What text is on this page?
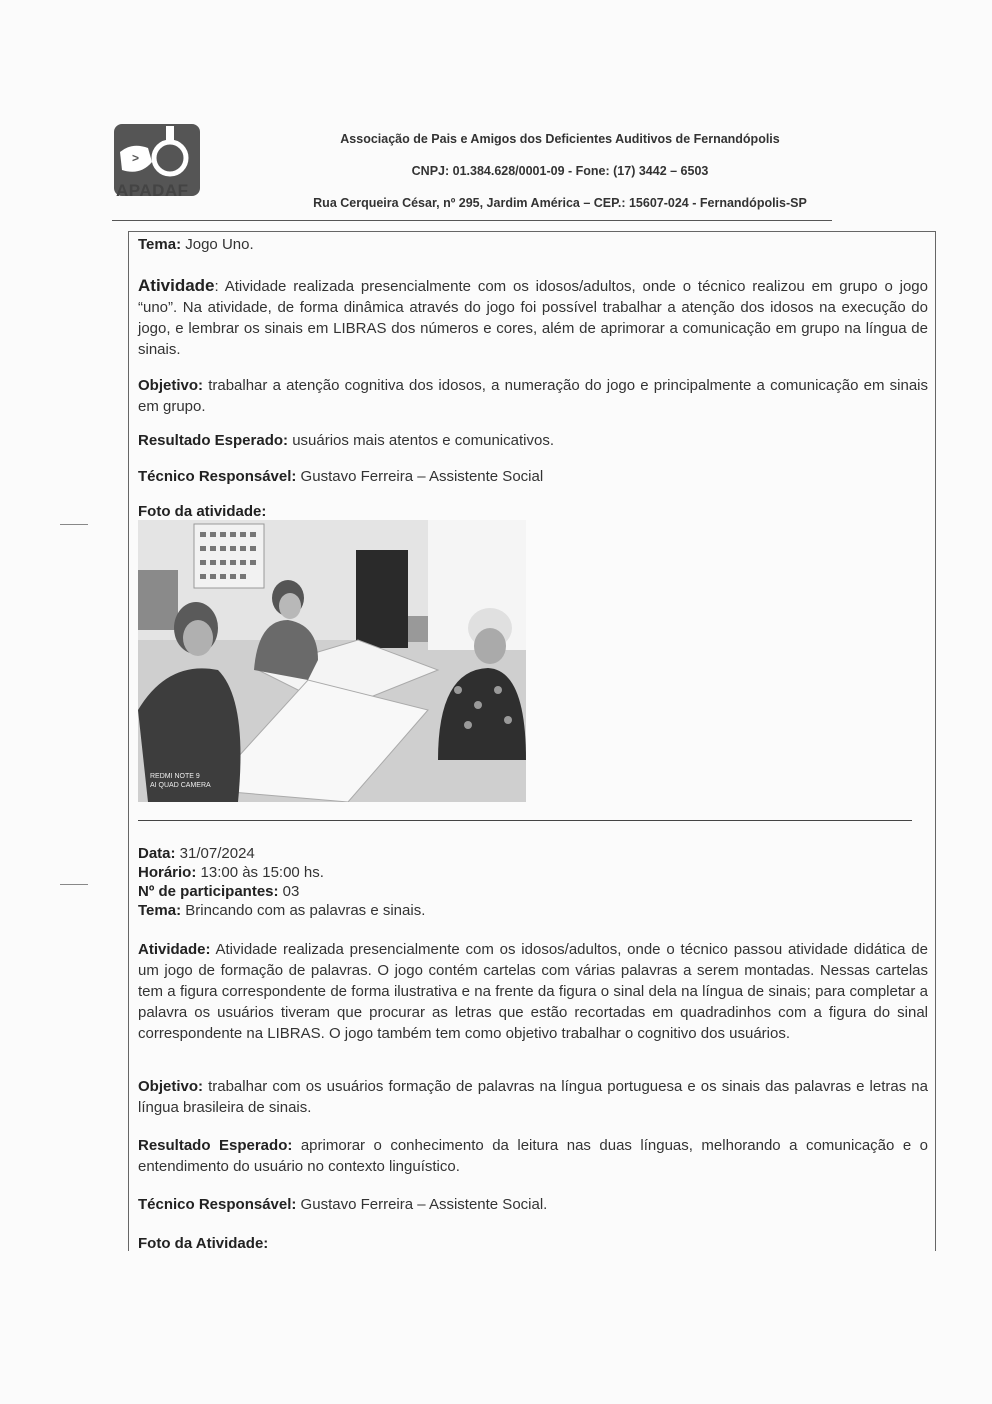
>
APADAF
Associação de Pais e Amigos dos Deficientes Auditivos de Fernandópolis
CNPJ: 01.384.628/0001-09 - Fone: (17) 3442 – 6503
Rua Cerqueira César, nº 295, Jardim América – CEP.: 15607-024 - Fernandópolis-SP
Tema: Jogo Uno.
Atividade: Atividade realizada presencialmente com os idosos/adultos, onde o técnico realizou em grupo o jogo “uno”. Na atividade, de forma dinâmica através do jogo foi possível trabalhar a atenção dos idosos na execução do jogo, e lembrar os sinais em LIBRAS dos números e cores, além de aprimorar a comunicação em grupo na língua de sinais.
Objetivo: trabalhar a atenção cognitiva dos idosos, a numeração do jogo e principalmente a comunicação em sinais em grupo.
Resultado Esperado: usuários mais atentos e comunicativos.
Técnico Responsável: Gustavo Ferreira – Assistente Social
Foto da atividade:
REDMI NOTE 9
AI QUAD CAMERA
Data: 31/07/2024
Horário: 13:00 às 15:00 hs.
Nº de participantes: 03
Tema: Brincando com as palavras e sinais.
Atividade: Atividade realizada presencialmente com os idosos/adultos, onde o técnico passou atividade didática de um jogo de formação de palavras. O jogo contém cartelas com várias palavras a serem montadas. Nessas cartelas tem a figura correspondente de forma ilustrativa e na frente da figura o sinal dela na língua de sinais; para completar a palavra os usuários tiveram que procurar as letras que estão recortadas em quadradinhos com a figura do sinal correspondente na LIBRAS. O jogo também tem como objetivo trabalhar o cognitivo dos usuários.
Objetivo: trabalhar com os usuários formação de palavras na língua portuguesa e os sinais das palavras e letras na língua brasileira de sinais.
Resultado Esperado: aprimorar o conhecimento da leitura nas duas línguas, melhorando a comunicação e o entendimento do usuário no contexto linguístico.
Técnico Responsável: Gustavo Ferreira – Assistente Social.
Foto da Atividade:
